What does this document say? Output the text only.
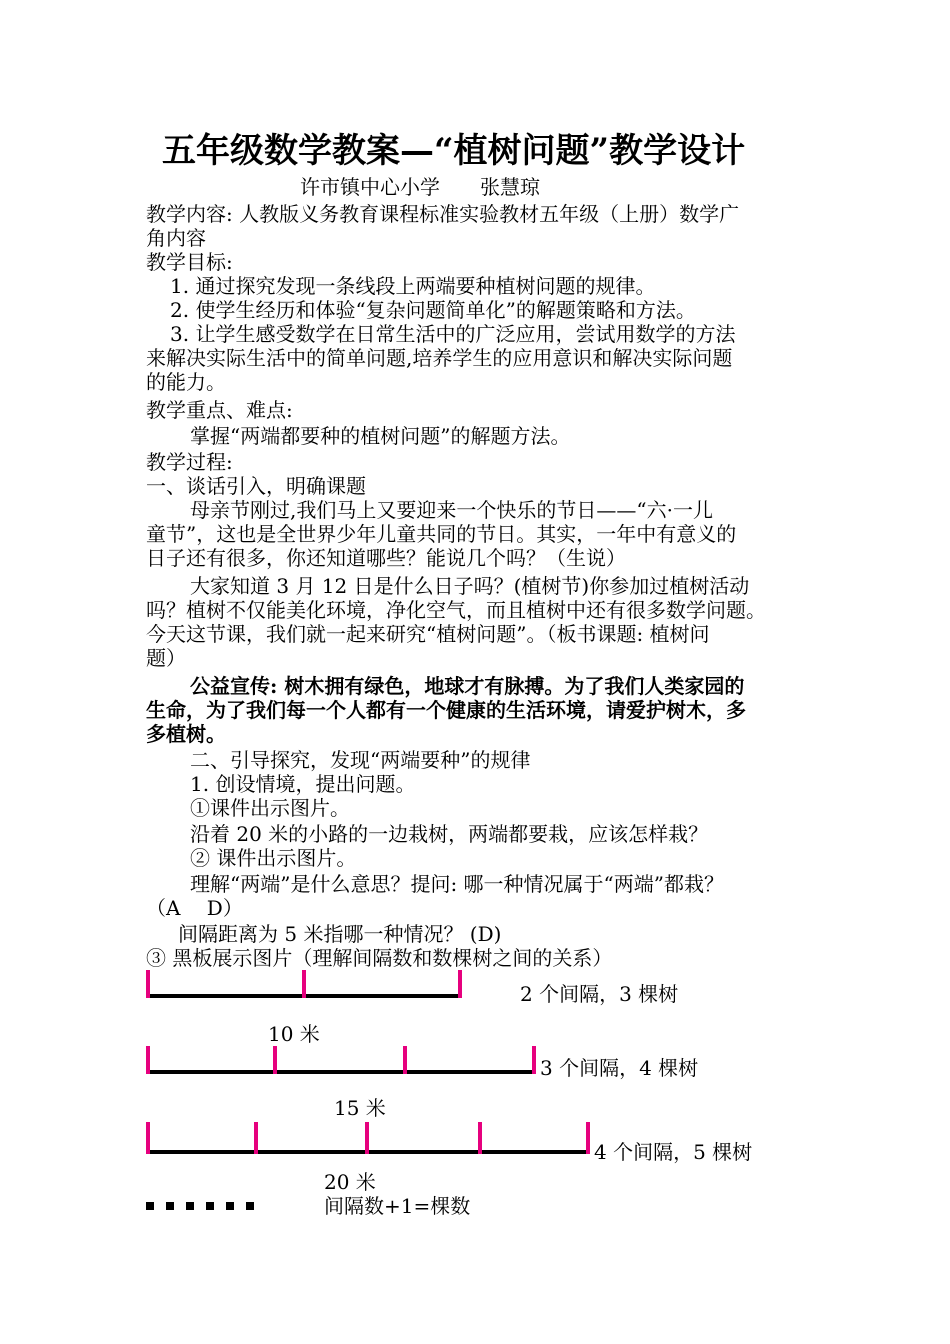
五年级数学教案—“植树问题”教学设计
许市镇中心小学　　张慧琼
教学内容: 人教版义务教育课程标准实验教材五年级（上册）数学广
角内容
教学目标:
1. 通过探究发现一条线段上两端要种植树问题的规律。
2. 使学生经历和体验“复杂问题简单化”的解题策略和方法。
3. 让学生感受数学在日常生活中的广泛应用，尝试用数学的方法
来解决实际生活中的简单问题,培养学生的应用意识和解决实际问题
的能力。
教学重点、难点:
掌握“两端都要种的植树问题”的解题方法。
教学过程:
一、谈话引入，明确课题
母亲节刚过,我们马上又要迎来一个快乐的节日——“六·一儿
童节”，这也是全世界少年儿童共同的节日。其实，一年中有意义的
日子还有很多，你还知道哪些？能说几个吗？（生说）
大家知道 3 月 12 日是什么日子吗？(植树节)你参加过植树活动
吗？植树不仅能美化环境，净化空气，而且植树中还有很多数学问题。
今天这节课，我们就一起来研究“植树问题”。（板书课题: 植树问
题）
公益宣传: 树木拥有绿色，地球才有脉搏。为了我们人类家园的
生命，为了我们每一个人都有一个健康的生活环境，请爱护树木，多
多植树。
二、引导探究，发现“两端要种”的规律
1. 创设情境，提出问题。
①课件出示图片。
沿着 20 米的小路的一边栽树，两端都要栽，应该怎样栽？
② 课件出示图片。
理解“两端”是什么意思？提问: 哪一种情况属于“两端”都栽？
（A　 D）
间隔距离为 5 米指哪一种情况？ (D)
③ 黑板展示图片（理解间隔数和数棵树之间的关系）
2 个间隔，3 棵树
10 米
3 个间隔，4 棵树
15 米
4 个间隔，5 棵树
20 米
间隔数+1=棵数
